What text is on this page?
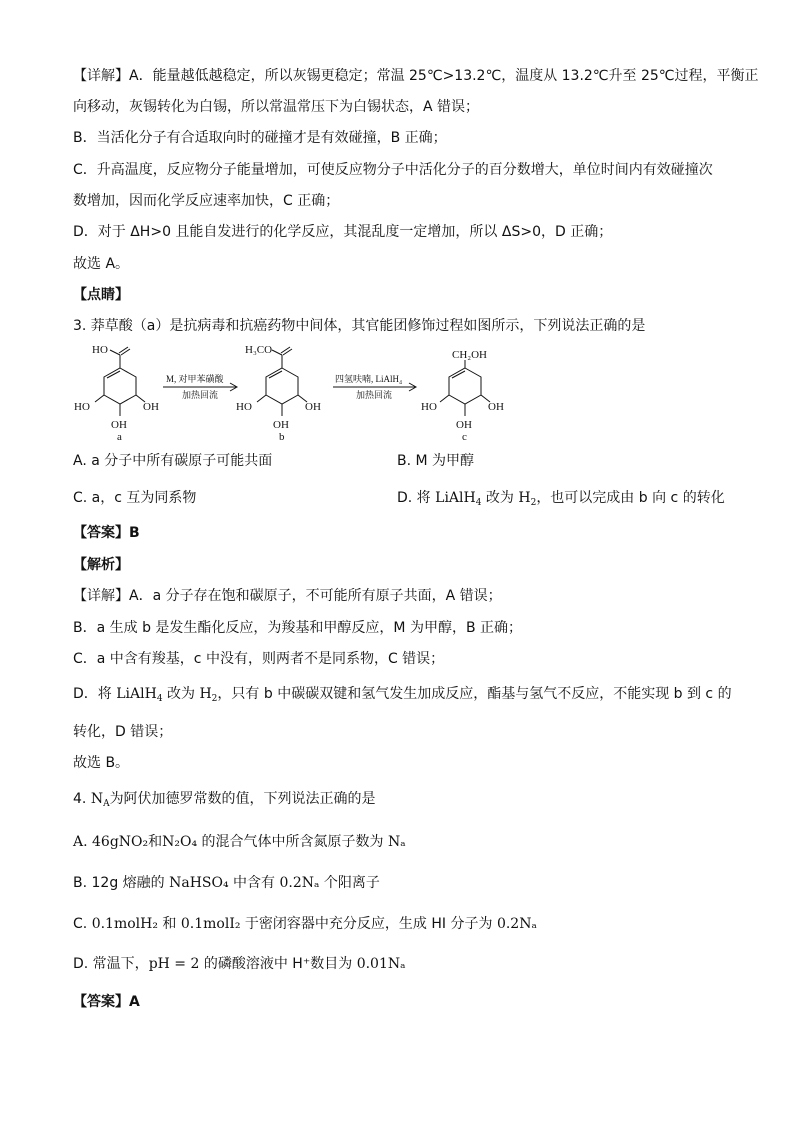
【详解】A．能量越低越稳定，所以灰锡更稳定；常温 25℃>13.2℃，温度从 13.2℃升至 25℃过程，平衡正
向移动，灰锡转化为白锡，所以常温常压下为白锡状态，A 错误；
B．当活化分子有合适取向时的碰撞才是有效碰撞，B 正确；
C．升高温度，反应物分子能量增加，可使反应物分子中活化分子的百分数增大，单位时间内有效碰撞次
数增加，因而化学反应速率加快，C 正确；
D．对于 ΔH>0 且能自发进行的化学反应，其混乱度一定增加，所以 ΔS>0，D 正确；
故选 A。
【点睛】
3. 莽草酸（a）是抗病毒和抗癌药物中间体，其官能团修饰过程如图所示，下列说法正确的是
HO
HO	OH
OH
a
H₃CO
HO	OH
OH
b
CH₂OH
HO	OH
OH
c
M, 对甲苯磺酸
加热回流
四氢呋喃, LiAlH₄
加热回流
A. a 分子中所有碳原子可能共面	B. M 为甲醇
C. a，c 互为同系物	D. 将 LiAlH$_4$ 改为 $H_2$，也可以完成由 b 向 c 的转化
【答案】B
【解析】
【详解】A．a 分子存在饱和碳原子，不可能所有原子共面，A 错误；
B．a 生成 b 是发生酯化反应，为羧基和甲醇反应，M 为甲醇，B 正确；
C．a 中含有羧基，c 中没有，则两者不是同系物，C 错误；
D．将 LiAlH$_4$ 改为 $H_2$，只有 b 中碳碳双键和氢气发生加成反应，酯基与氢气不反应，不能实现 b 到 c 的
转化，D 错误；
故选 B。
4. $N_A$为阿伏加德罗常数的值，下列说法正确的是
A. 46gNO₂和N₂O₄ 的混合气体中所含氮原子数为 Nₐ
B. 12g 熔融的 NaHSO₄ 中含有 0.2Nₐ 个阳离子
C. 0.1molH₂ 和 0.1molI₂ 于密闭容器中充分反应，生成 HI 分子为 0.2Nₐ
D. 常温下，pH = 2 的磷酸溶液中 H⁺数目为 0.01Nₐ
【答案】A
